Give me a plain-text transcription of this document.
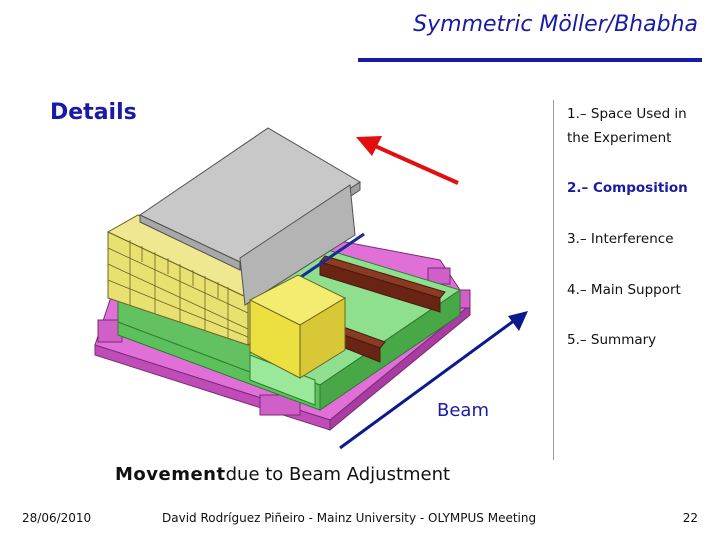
Symmetric Möller/Bhabha
Details	1.– Space Used in
the Experiment
2.– Composition
3.– Interference
4.– Main Support
5.– Summary
Beam
Movementdue to Beam Adjustment
28/06/2010	David Rodríguez Piñeiro - Mainz University - OLYMPUS Meeting	22
